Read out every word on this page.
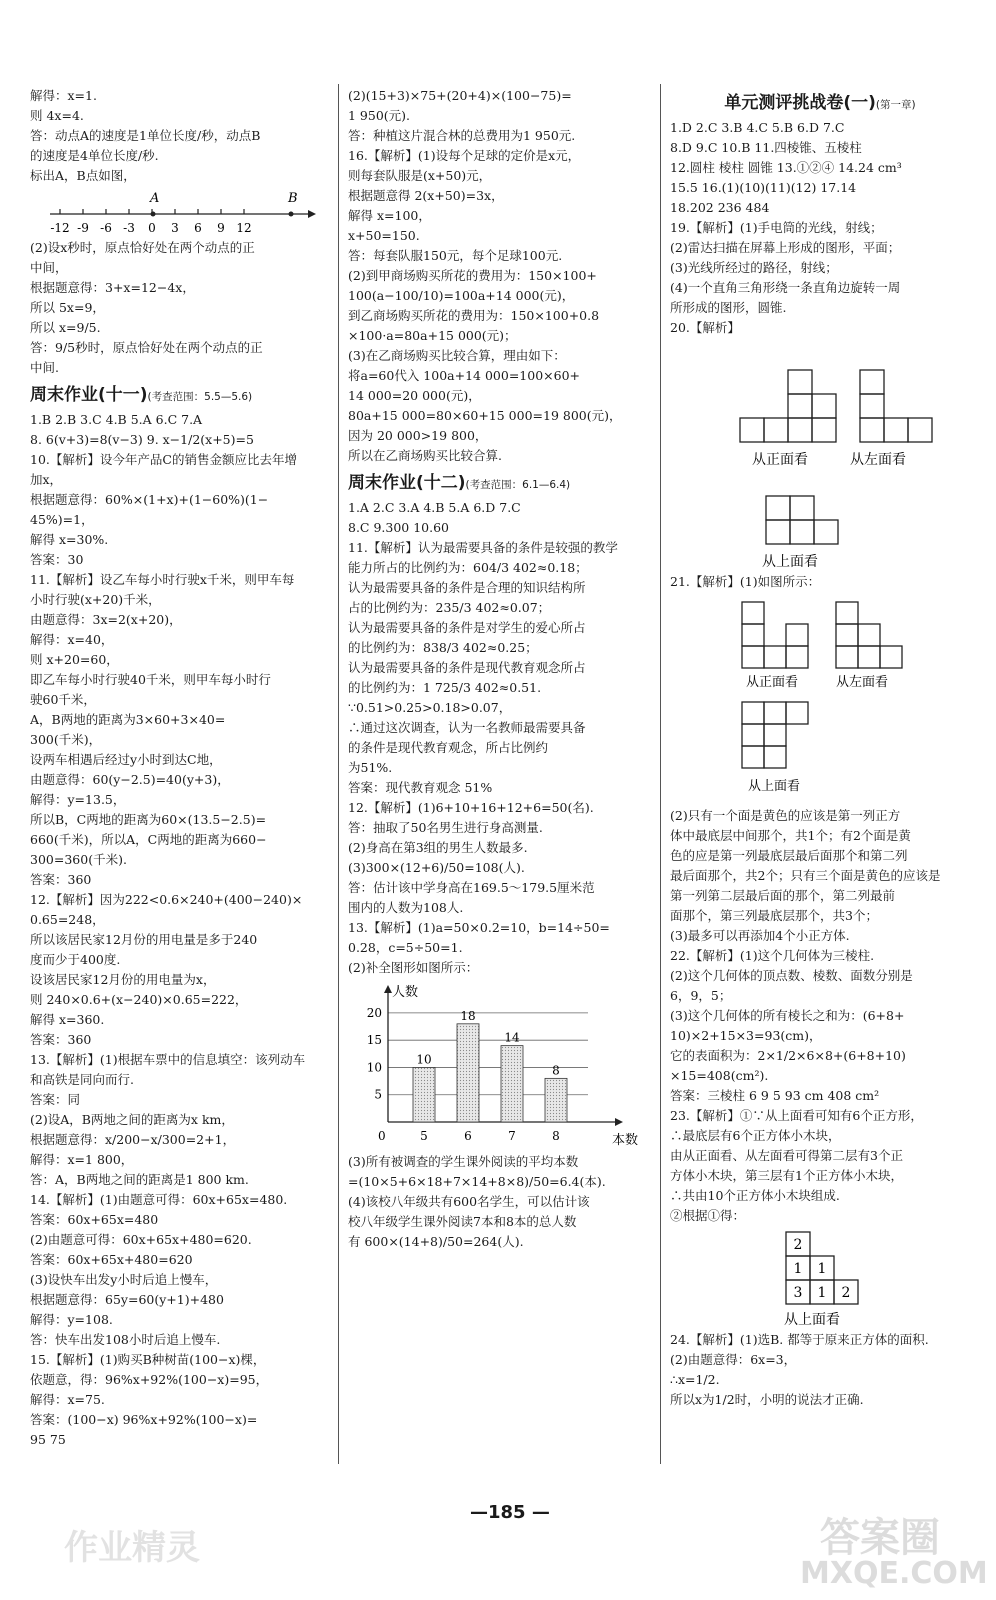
解得：x=1.
则 4x=4.
答：动点A的速度是1单位长度/秒，动点B
的速度是4单位长度/秒.
标出A，B点如图，
-12 -9 -6 -3 0 3 6 9 12
A	B
(2)设x秒时，原点恰好处在两个动点的正
中间，
根据题意得：3+x=12−4x，
所以 5x=9，
所以 x=9/5.
答：9/5秒时，原点恰好处在两个动点的正
中间.
周末作业(十一)(考查范围：5.5—5.6)
1.B 2.B 3.C 4.B 5.A 6.C 7.A
8. 6(v+3)=8(v−3) 9. x−1/2(x+5)=5
10.【解析】设今年产品C的销售金额应比去年增
加x，
根据题意得：60%×(1+x)+(1−60%)(1−
45%)=1，
解得 x=30%.
答案：30
11.【解析】设乙车每小时行驶x千米，则甲车每
小时行驶(x+20)千米，
由题意得：3x=2(x+20)，
解得：x=40，
则 x+20=60，
即乙车每小时行驶40千米，则甲车每小时行
驶60千米，
A，B两地的距离为3×60+3×40=
300(千米)，
设两车相遇后经过y小时到达C地，
由题意得：60(y−2.5)=40(y+3)，
解得：y=13.5，
所以B，C两地的距离为60×(13.5−2.5)=
660(千米)，所以A，C两地的距离为660−
300=360(千米).
答案：360
12.【解析】因为222<0.6×240+(400−240)×
0.65=248，
所以该居民家12月份的用电量是多于240
度而少于400度.
设该居民家12月份的用电量为x，
则 240×0.6+(x−240)×0.65=222，
解得 x=360.
答案：360
13.【解析】(1)根据车票中的信息填空：该列动车
和高铁是同向而行.
答案：同
(2)设A，B两地之间的距离为x km，
根据题意得：x/200−x/300=2+1，
解得：x=1 800，
答：A，B两地之间的距离是1 800 km.
14.【解析】(1)由题意可得：60x+65x=480.
答案：60x+65x=480
(2)由题意可得：60x+65x+480=620.
答案：60x+65x+480=620
(3)设快车出发y小时后追上慢车，
根据题意得：65y=60(y+1)+480
解得：y=108.
答：快车出发108小时后追上慢车.
15.【解析】(1)购买B种树苗(100−x)棵，
依题意，得：96%x+92%(100−x)=95，
解得：x=75.
答案：(100−x) 96%x+92%(100−x)=
95 75
(2)(15+3)×75+(20+4)×(100−75)=
1 950(元).
答：种植这片混合林的总费用为1 950元.
16.【解析】(1)设每个足球的定价是x元，
则每套队服是(x+50)元，
根据题意得 2(x+50)=3x，
解得 x=100，
x+50=150.
答：每套队服150元，每个足球100元.
(2)到甲商场购买所花的费用为：150×100+
100(a−100/10)=100a+14 000(元)，
到乙商场购买所花的费用为：150×100+0.8
×100·a=80a+15 000(元)；
(3)在乙商场购买比较合算，理由如下：
将a=60代入 100a+14 000=100×60+
14 000=20 000(元)，
80a+15 000=80×60+15 000=19 800(元)，
因为 20 000>19 800，
所以在乙商场购买比较合算.
周末作业(十二)(考查范围：6.1—6.4)
1.A 2.C 3.A 4.B 5.A 6.D 7.C
8.C 9.300 10.60
11.【解析】认为最需要具备的条件是较强的教学
能力所占的比例约为：604/3 402≈0.18；
认为最需要具备的条件是合理的知识结构所
占的比例约为：235/3 402≈0.07；
认为最需要具备的条件是对学生的爱心所占
的比例约为：838/3 402≈0.25；
认为最需要具备的条件是现代教育观念所占
的比例约为：1 725/3 402≈0.51.
∵0.51>0.25>0.18>0.07，
∴通过这次调查，认为一名教师最需要具备
的条件是现代教育观念，所占比例约
为51%.
答案：现代教育观念 51%
12.【解析】(1)6+10+16+12+6=50(名).
答：抽取了50名男生进行身高测量.
(2)身高在第3组的男生人数最多.
(3)300×(12+6)/50=108(人).
答：估计该中学身高在169.5～179.5厘米范
围内的人数为108人.
13.【解析】(1)a=50×0.2=10，b=14÷50=
0.28，c=5÷50=1.
(2)补全图形如图所示：
5
10
15
20
人数
本数
0
10
5
18
6
14
7
8
8
(3)所有被调查的学生课外阅读的平均本数
=(10×5+6×18+7×14+8×8)/50=6.4(本).
(4)该校八年级共有600名学生，可以估计该
校八年级学生课外阅读7本和8本的总人数
有 600×(14+8)/50=264(人).
单元测评挑战卷(一)(第一章)
1.D 2.C 3.B 4.C 5.B 6.D 7.C
8.D 9.C 10.B 11.四棱锥、五棱柱
12.圆柱 棱柱 圆锥 13.①②④ 14.24 cm³
15.5 16.(1)(10)(11)(12) 17.14
18.202 236 484
19.【解析】(1)手电筒的光线，射线；
(2)雷达扫描在屏幕上形成的图形，平面；
(3)光线所经过的路径，射线；
(4)一个直角三角形绕一条直角边旋转一周
所形成的图形，圆锥.
20.【解析】
从正面看	从左面看
从上面看
21.【解析】(1)如图所示：
从正面看	从左面看
从上面看
(2)只有一个面是黄色的应该是第一列正方
体中最底层中间那个，共1个；有2个面是黄
色的应是第一列最底层最后面那个和第二列
最后面那个，共2个；只有三个面是黄色的应该是
第一列第二层最后面的那个，第二列最前
面那个，第三列最底层那个，共3个；
(3)最多可以再添加4个小正方体.
22.【解析】(1)这个几何体为三棱柱.
(2)这个几何体的顶点数、棱数、面数分别是
6，9，5；
(3)这个几何体的所有棱长之和为：(6+8+
10)×2+15×3=93(cm)，
它的表面积为：2×1/2×6×8+(6+8+10)
×15=408(cm²).
答案：三棱柱 6 9 5 93 cm 408 cm²
23.【解析】①∵从上面看可知有6个正方形，
∴最底层有6个正方体小木块，
由从正面看、从左面看可得第二层有3个正
方体小木块，第三层有1个正方体小木块，
∴共由10个正方体小木块组成.
②根据①得：
2
1 1
3 1 2
从上面看
24.【解析】(1)选B. 都等于原来正方体的面积.
(2)由题意得：6x=3，
∴x=1/2.
所以x为1/2时，小明的说法才正确.
—185 —
作业精灵	答案圈
MXQE.COM
